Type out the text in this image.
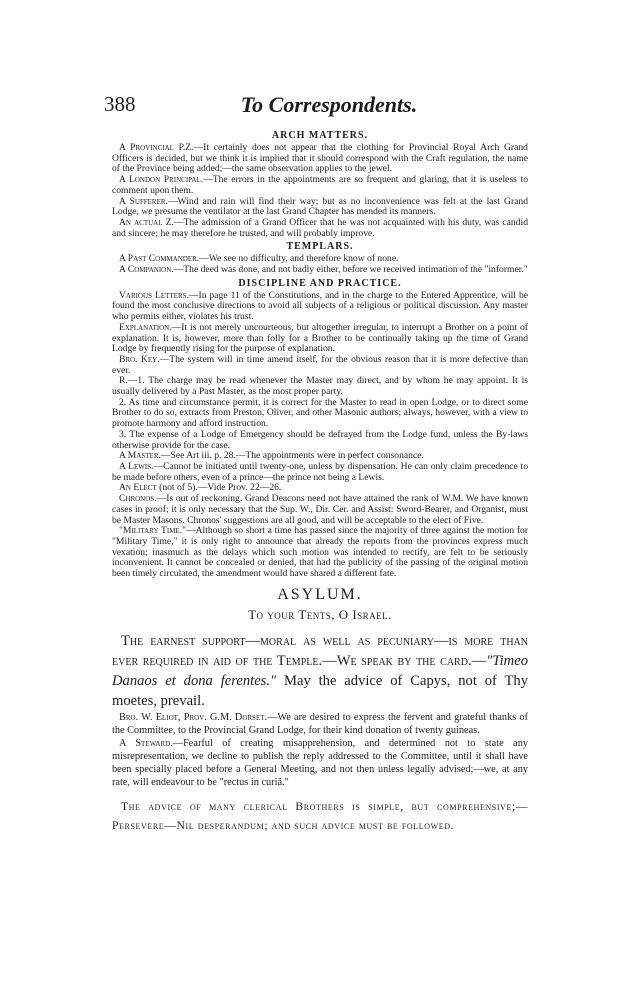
388	To Correspondents.
ARCH MATTERS.

A Provincial P.Z.—It certainly does not appear that the clothing for Provincial Royal Arch Grand Officers is decided, but we think it is implied that it should correspond with the Craft regulation, the name of the Province being added;—the same observation applies to the jewel.

A London Principal.—The errors in the appointments are so frequent and glaring, that it is useless to comment upon them.

A Sufferer.—Wind and rain will find their way; but as no inconvenience was felt at the last Grand Lodge, we presume the ventilator at the last Grand Chapter has mended its manners.

An actual Z.—The admission of a Grand Officer that he was not acquainted with his duty, was candid and sincere; he may therefore be trusted, and will probably improve.

TEMPLARS.

A Past Commander.—We see no difficulty, and therefore know of none.

A Companion.—The deed was done, and not badly either, before we received intimation of the "informer."

DISCIPLINE AND PRACTICE.

Various Letters.—In page 11 of the Constitutions, and in the charge to the Entered Apprentice, will be found the most conclusive directions to avoid all subjects of a religious or political discussion. Any master who permits either, violates his trust.

Explanation.—It is not merely uncourteous, but altogether irregular, to interrupt a Brother on a point of explanation. It is, however, more than folly for a Brother to be continually taking up the time of Grand Lodge by frequently rising for the purpose of explanation.

Bro. Key.—The system will in time amend itself, for the obvious reason that it is more defective than ever.

R.—1. The charge may be read whenever the Master may direct, and by whom he may appoint. It is usually delivered by a Past Master, as the most proper party.

2. As time and circumstance permit, it is correct for the Master to read in open Lodge, or to direct some Brother to do so, extracts from Preston, Oliver, and other Masonic authors; always, however, with a view to promote harmony and afford instruction.

3. The expense of a Lodge of Emergency should be defrayed from the Lodge fund, unless the By-laws otherwise provide for the case.

A Master.—See Art iii. p. 28.—The appointments were in perfect consonance.

A Lewis.—Cannot be initiated until twenty-one, unless by dispensation. He can only claim precedence to be made before others, even of a prince—the prince not being a Lewis.

An Elect (not of 5).—Vide Prov. 22—26.

Chronos.—Is out of reckoning. Grand Deacons need not have attained the rank of W.M. We have known cases in proof; it is only necessary that the Sup. W., Dir. Cer. and Assist: Sword-Bearer, and Organist, must be Master Masons. Chronos' suggestions are all good, and will be acceptable to the elect of Five.

"Military Time."—Although so short a time has passed since the majority of three against the motion for "Military Time," it is only right to announce that already the reports from the provinces express much vexation; inasmuch as the delays which such motion was intended to rectify, are felt to be seriously inconvenient. It cannot be concealed or denied, that had the publicity of the passing of the original motion been timely circulated, the amendment would have shared a different fate.

ASYLUM.
To your Tents, O Israel.

The earnest support—moral as well as pecuniary—is more than ever required in aid of the Temple.—We speak by the card.—"Timeo Danaos et dona ferentes." May the advice of Capys, not of Thy moetes, prevail.

Bro. W. Eliot, Prov. G.M. Dorset.—We are desired to express the fervent and grateful thanks of the Committee, to the Provincial Grand Lodge, for their kind donation of twenty guineas.

A Steward.—Fearful of creating misapprehension, and determined not to state any misrepresentation, we decline to publish the reply addressed to the Committee, until it shall have been specially placed before a General Meeting, and not then unless legally advised;—we, at any rate, will endeavour to be "rectus in curiâ."

The advice of many clerical Brothers is simple, but comprehensive;—Persevere—Nil desperandum; and such advice must be followed.
